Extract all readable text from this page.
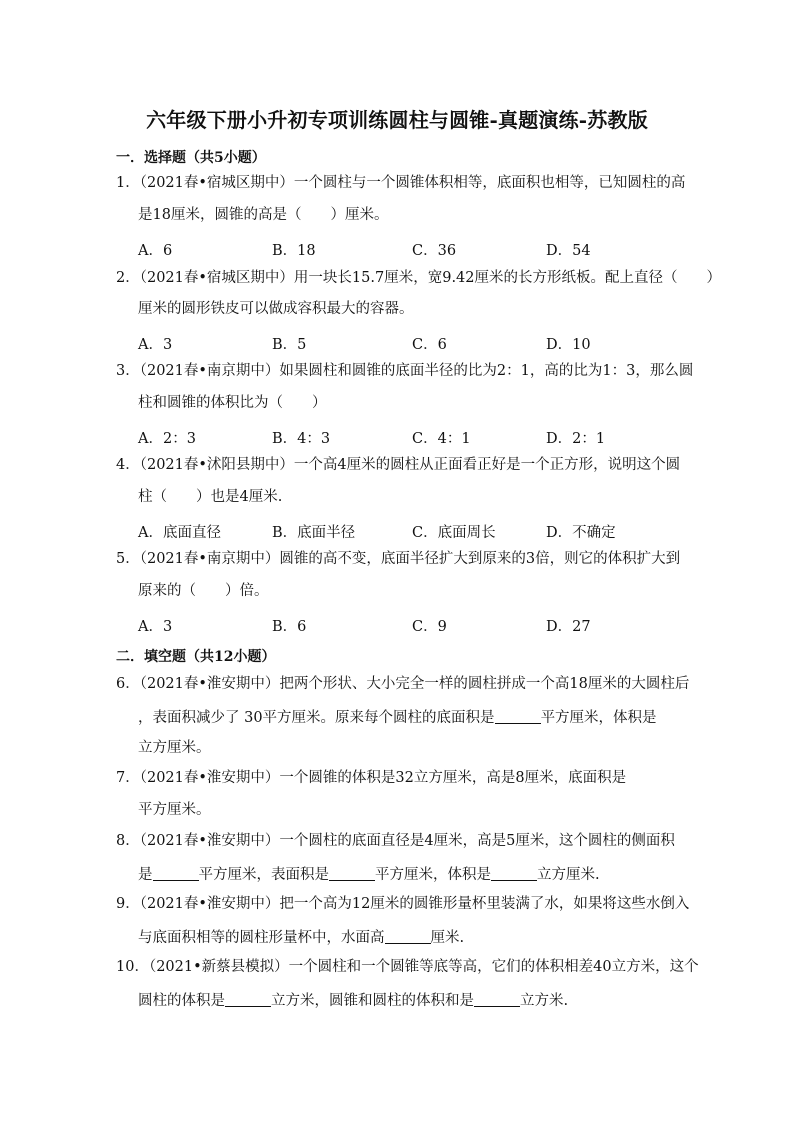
六年级下册小升初专项训练圆柱与圆锥-真题演练-苏教版
一．选择题（共5小题）
1．（2021春•宿城区期中）一个圆柱与一个圆锥体积相等，底面积也相等，已知圆柱的高
是18厘米，圆锥的高是（　　）厘米。
A．6	B．18	C．36	D．54
2．（2021春•宿城区期中）用一块长15.7厘米，宽9.42厘米的长方形纸板。配上直径（　　）
厘米的圆形铁皮可以做成容积最大的容器。
A．3	B．5	C．6	D．10
3．（2021春•南京期中）如果圆柱和圆锥的底面半径的比为2：1，高的比为1：3，那么圆
柱和圆锥的体积比为（　　）
A．2：3	B．4：3	C．4：1	D．2：1
4．（2021春•沭阳县期中）一个高4厘米的圆柱从正面看正好是一个正方形，说明这个圆
柱（　　）也是4厘米.
A．底面直径	B．底面半径	C．底面周长	D．不确定
5．（2021春•南京期中）圆锥的高不变，底面半径扩大到原来的3倍，则它的体积扩大到
原来的（　　）倍。
A．3	B．6	C．9	D．27
二．填空题（共12小题）
6．（2021春•淮安期中）把两个形状、大小完全一样的圆柱拼成一个高18厘米的大圆柱后
，表面积减少了 30平方厘米。原来每个圆柱的底面积是	平方厘米，体积是
立方厘米。
7．（2021春•淮安期中）一个圆锥的体积是32立方厘米，高是8厘米，底面积是
平方厘米。
8．（2021春•淮安期中）一个圆柱的底面直径是4厘米，高是5厘米，这个圆柱的侧面积
是	平方厘米，表面积是	平方厘米，体积是	立方厘米.
9．（2021春•淮安期中）把一个高为12厘米的圆锥形量杯里装满了水，如果将这些水倒入
与底面积相等的圆柱形量杯中，水面高	厘米.
10．（2021•新蔡县模拟）一个圆柱和一个圆锥等底等高，它们的体积相差40立方米，这个
圆柱的体积是	立方米，圆锥和圆柱的体积和是	立方米.
